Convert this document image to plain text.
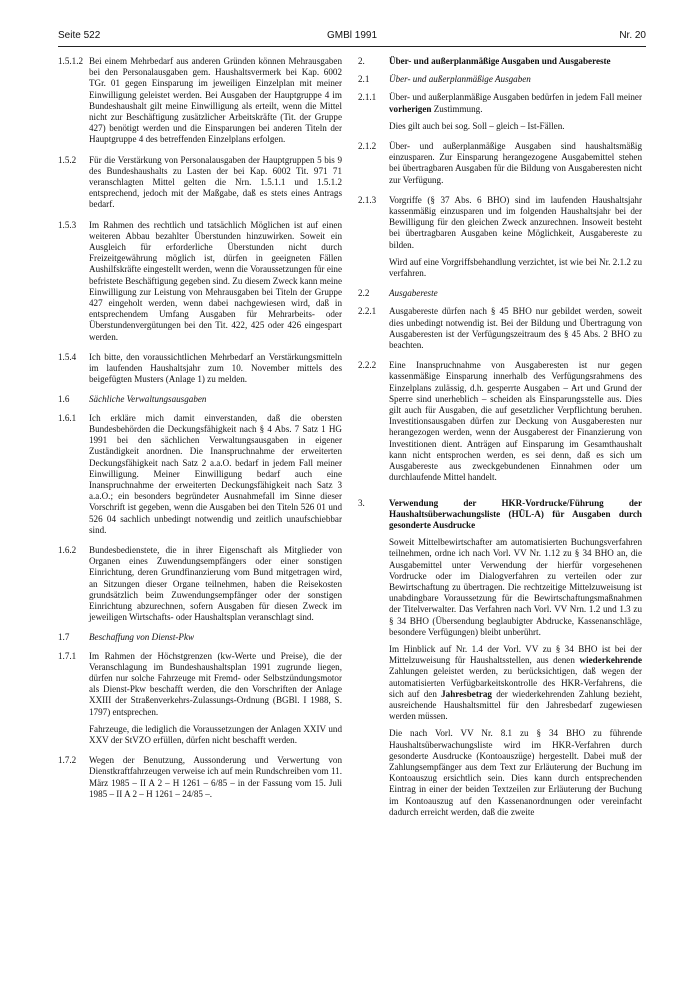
Seite 522	GMBl 1991	Nr. 20
1.5.1.2 Bei einem Mehrbedarf aus anderen Gründen können Mehrausgaben bei den Personalausgaben gem. Haushaltsvermerk bei Kap. 6002 TGr. 01 gegen Einsparung im jeweiligen Einzelplan mit meiner Einwilligung geleistet werden. Bei Ausgaben der Hauptgruppe 4 im Bundeshaushalt gilt meine Einwilligung als erteilt, wenn die Mittel nicht zur Beschäftigung zusätzlicher Arbeitskräfte (Tit. der Gruppe 427) benötigt werden und die Einsparungen bei anderen Titeln der Hauptgruppe 4 des betreffenden Einzelplans erfolgen.

1.5.2 Für die Verstärkung von Personalausgaben der Hauptgruppen 5 bis 9 des Bundeshaushalts zu Lasten der bei Kap. 6002 Tit. 971 71 veranschlagten Mittel gelten die Nrn. 1.5.1.1 und 1.5.1.2 entsprechend, jedoch mit der Maßgabe, daß es stets eines Antrags bedarf.

1.5.3 Im Rahmen des rechtlich und tatsächlich Möglichen ist auf einen weiteren Abbau bezahlter Überstunden hinzuwirken. Soweit ein Ausgleich für erforderliche Überstunden nicht durch Freizeitgewährung möglich ist, dürfen in geeigneten Fällen Aushilfskräfte eingestellt werden, wenn die Voraussetzungen für eine befristete Beschäftigung gegeben sind. Zu diesem Zweck kann meine Einwilligung zur Leistung von Mehrausgaben bei Titeln der Gruppe 427 eingeholt werden, wenn dabei nachgewiesen wird, daß in entsprechendem Umfang Ausgaben für Mehrarbeits- oder Überstundenvergütungen bei den Tit. 422, 425 oder 426 eingespart werden.

1.5.4 Ich bitte, den voraussichtlichen Mehrbedarf an Verstärkungsmitteln im laufenden Haushaltsjahr zum 10. November mittels des beigefügten Musters (Anlage 1) zu melden.

1.6 Sächliche Verwaltungsausgaben

1.6.1 Ich erkläre mich damit einverstanden, daß die obersten Bundesbehörden die Deckungsfähigkeit nach § 4 Abs. 7 Satz 1 HG 1991 bei den sächlichen Verwaltungsausgaben in eigener Zuständigkeit anordnen. Die Inanspruchnahme der erweiterten Deckungsfähigkeit nach Satz 2 a.a.O. bedarf in jedem Fall meiner Einwilligung. Meiner Einwilligung bedarf auch eine Inanspruchnahme der erweiterten Deckungsfähigkeit nach Satz 3 a.a.O.; ein besonders begründeter Ausnahmefall im Sinne dieser Vorschrift ist gegeben, wenn die Ausgaben bei den Titeln 526 01 und 526 04 sachlich unbedingt notwendig und zeitlich unaufschiebbar sind.

1.6.2 Bundesbedienstete, die in ihrer Eigenschaft als Mitglieder von Organen eines Zuwendungsempfängers oder einer sonstigen Einrichtung, deren Grundfinanzierung vom Bund mitgetragen wird, an Sitzungen dieser Organe teilnehmen, haben die Reisekosten grundsätzlich beim Zuwendungsempfänger oder der sonstigen Einrichtung abzurechnen, sofern Ausgaben für diesen Zweck im jeweiligen Wirtschafts- oder Haushaltsplan veranschlagt sind.

1.7 Beschaffung von Dienst-Pkw

1.7.1 Im Rahmen der Höchstgrenzen (kw-Werte und Preise), die der Veranschlagung im Bundeshaushaltsplan 1991 zugrunde liegen, dürfen nur solche Fahrzeuge mit Fremd- oder Selbstzündungsmotor als Dienst-Pkw beschafft werden, die den Vorschriften der Anlage XXIII der Straßenverkehrs-Zulassungs-Ordnung (BGBl. I 1988, S. 1797) entsprechen.

Fahrzeuge, die lediglich die Voraussetzungen der Anlagen XXIV und XXV der StVZO erfüllen, dürfen nicht beschafft werden.

1.7.2 Wegen der Benutzung, Aussonderung und Verwertung von Dienstkraftfahrzeugen verweise ich auf mein Rundschreiben vom 11. März 1985 – II A 2 – H 1261 – 6/85 – in der Fassung vom 15. Juli 1985 – II A 2 – H 1261 – 24/85 –.

2.	Über- und außerplanmäßige Ausgaben und Ausgabereste

2.1 Über- und außerplanmäßige Ausgaben

2.1.1 Über- und außerplanmäßige Ausgaben bedürfen in jedem Fall meiner vorherigen Zustimmung.

Dies gilt auch bei sog. Soll – gleich – Ist-Fällen.

2.1.2 Über- und außerplanmäßige Ausgaben sind haushaltsmäßig einzusparen. Zur Einsparung herangezogene Ausgabemittel stehen bei übertragbaren Ausgaben für die Bildung von Ausgaberesten nicht zur Verfügung.

2.1.3 Vorgriffe (§ 37 Abs. 6 BHO) sind im laufenden Haushaltsjahr kassenmäßig einzusparen und im folgenden Haushaltsjahr bei der Bewilligung für den gleichen Zweck anzurechnen. Insoweit besteht bei übertragbaren Ausgaben keine Möglichkeit, Ausgabereste zu bilden.

Wird auf eine Vorgriffsbehandlung verzichtet, ist wie bei Nr. 2.1.2 zu verfahren.

2.2 Ausgabereste

2.2.1 Ausgabereste dürfen nach § 45 BHO nur gebildet werden, soweit dies unbedingt notwendig ist. Bei der Bildung und Übertragung von Ausgaberesten ist der Verfügungszeitraum des § 45 Abs. 2 BHO zu beachten.

2.2.2 Eine Inanspruchnahme von Ausgaberesten ist nur gegen kassenmäßige Einsparung innerhalb des Verfügungsrahmens des Einzelplans zulässig, d.h. gesperrte Ausgaben – Art und Grund der Sperre sind unerheblich – scheiden als Einsparungsstelle aus. Dies gilt auch für Ausgaben, die auf gesetzlicher Verpflichtung beruhen. Investitionsausgaben dürfen zur Deckung von Ausgaberesten nur herangezogen werden, wenn der Ausgaberest der Finanzierung von Investitionen dient. Anträgen auf Einsparung im Gesamthaushalt kann nicht entsprochen werden, es sei denn, daß es sich um Ausgabereste aus zweckgebundenen Einnahmen oder um durchlaufende Mittel handelt.

3.	Verwendung der HKR-Vordrucke/Führung der Haushaltsüberwachungsliste (HÜL-A) für Ausgaben durch gesonderte Ausdrucke

Soweit Mittelbewirtschafter am automatisierten Buchungsverfahren teilnehmen, ordne ich nach Vorl. VV Nr. 1.12 zu § 34 BHO an, die Ausgabemittel unter Verwendung der hierfür vorgesehenen Vordrucke oder im Dialogverfahren zu verteilen oder zur Bewirtschaftung zu übertragen. Die rechtzeitige Mittelzuweisung ist unabdingbare Voraussetzung für die Bewirtschaftungsmaßnahmen der Titelverwalter. Das Verfahren nach Vorl. VV Nrn. 1.2 und 1.3 zu § 34 BHO (Übersendung beglaubigter Abdrucke, Kassenanschläge, besondere Verfügungen) bleibt unberührt.

Im Hinblick auf Nr. 1.4 der Vorl. VV zu § 34 BHO ist bei der Mittelzuweisung für Haushaltsstellen, aus denen wiederkehrende Zahlungen geleistet werden, zu berücksichtigen, daß wegen der automatisierten Verfügbarkeitskontrolle des HKR-Verfahrens, die sich auf den Jahresbetrag der wiederkehrenden Zahlung bezieht, ausreichende Haushaltsmittel für den Jahresbedarf zugewiesen werden müssen.

Die nach Vorl. VV Nr. 8.1 zu § 34 BHO zu führende Haushaltsüberwachungsliste wird im HKR-Verfahren durch gesonderte Ausdrucke (Kontoauszüge) hergestellt. Dabei muß der Zahlungsempfänger aus dem Text zur Erläuterung der Buchung im Kontoauszug ersichtlich sein. Dies kann durch entsprechenden Eintrag in einer der beiden Textzeilen zur Erläuterung der Buchung im Kontoauszug auf den Kassenanordnungen oder vereinfacht dadurch erreicht werden, daß die zweite
